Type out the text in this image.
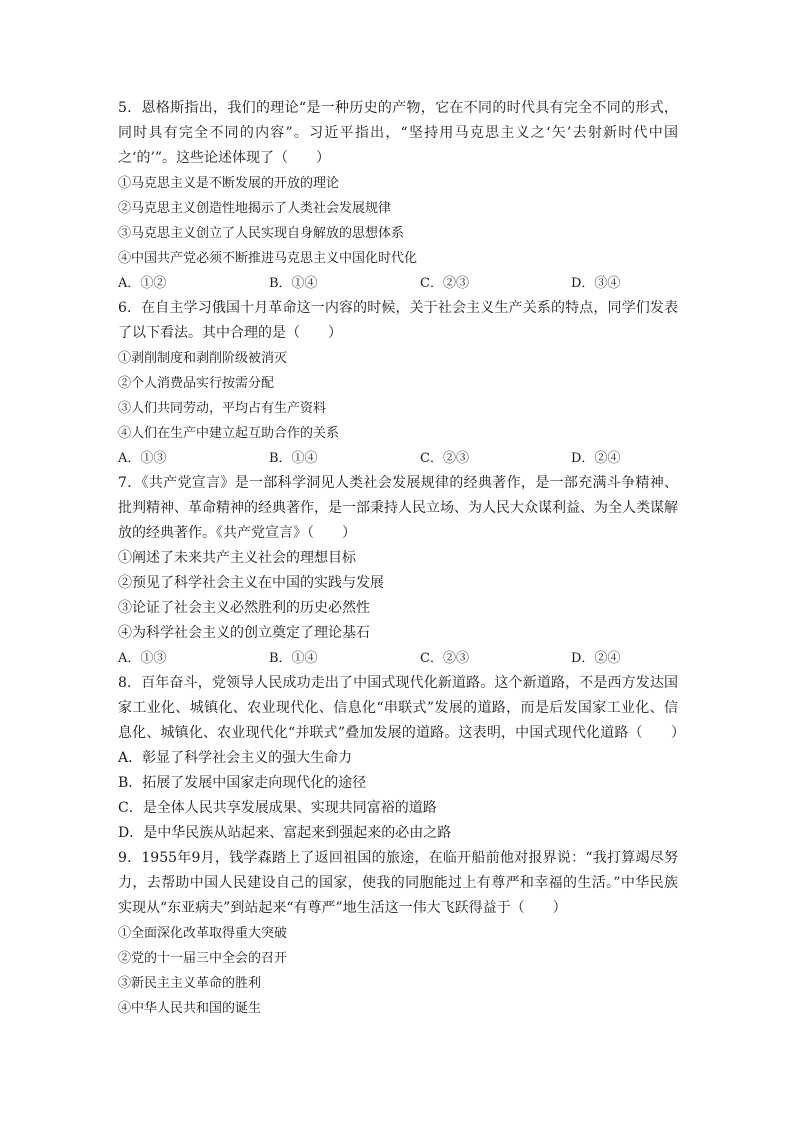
5．恩格斯指出，我们的理论“是一种历史的产物，它在不同的时代具有完全不同的形式，同时具有完全不同的内容”。习近平指出，“坚持用马克思主义之‘矢’去射新时代中国之‘的’”。这些论述体现了（　　）

①马克思主义是不断发展的开放的理论

②马克思主义创造性地揭示了人类社会发展规律

③马克思主义创立了人民实现自身解放的思想体系

④中国共产党必须不断推进马克思主义中国化时代化

A．①②	B．①④	C．②③	D．③④

6．在自主学习俄国十月革命这一内容的时候，关于社会主义生产关系的特点，同学们发表了以下看法。其中合理的是（　　）

①剥削制度和剥削阶级被消灭

②个人消费品实行按需分配

③人们共同劳动，平均占有生产资料

④人们在生产中建立起互助合作的关系

A．①③	B．①④	C．②③	D．②④

7．《共产党宣言》是一部科学洞见人类社会发展规律的经典著作，是一部充满斗争精神、批判精神、革命精神的经典著作，是一部秉持人民立场、为人民大众谋利益、为全人类谋解放的经典著作。《共产党宣言》（　　）

①阐述了未来共产主义社会的理想目标

②预见了科学社会主义在中国的实践与发展

③论证了社会主义必然胜利的历史必然性

④为科学社会主义的创立奠定了理论基石

A．①③	B．①④	C．②③	D．②④

8．百年奋斗，党领导人民成功走出了中国式现代化新道路。这个新道路，不是西方发达国家工业化、城镇化、农业现代化、信息化“串联式”发展的道路，而是后发国家工业化、信息化、城镇化、农业现代化“并联式”叠加发展的道路。这表明，中国式现代化道路（　　）A．彰显了科学社会主义的强大生命力

B．拓展了发展中国家走向现代化的途径

C．是全体人民共享发展成果、实现共同富裕的道路

D．是中华民族从站起来、富起来到强起来的必由之路

9．1955年9月，钱学森踏上了返回祖国的旅途，在临开船前他对报界说：“我打算竭尽努力，去帮助中国人民建设自己的国家，使我的同胞能过上有尊严和幸福的生活。”中华民族实现从“东亚病夫”到站起来“有尊严”地生活这一伟大飞跃得益于（　　）

①全面深化改革取得重大突破

②党的十一届三中全会的召开

③新民主主义革命的胜利

④中华人民共和国的诞生
